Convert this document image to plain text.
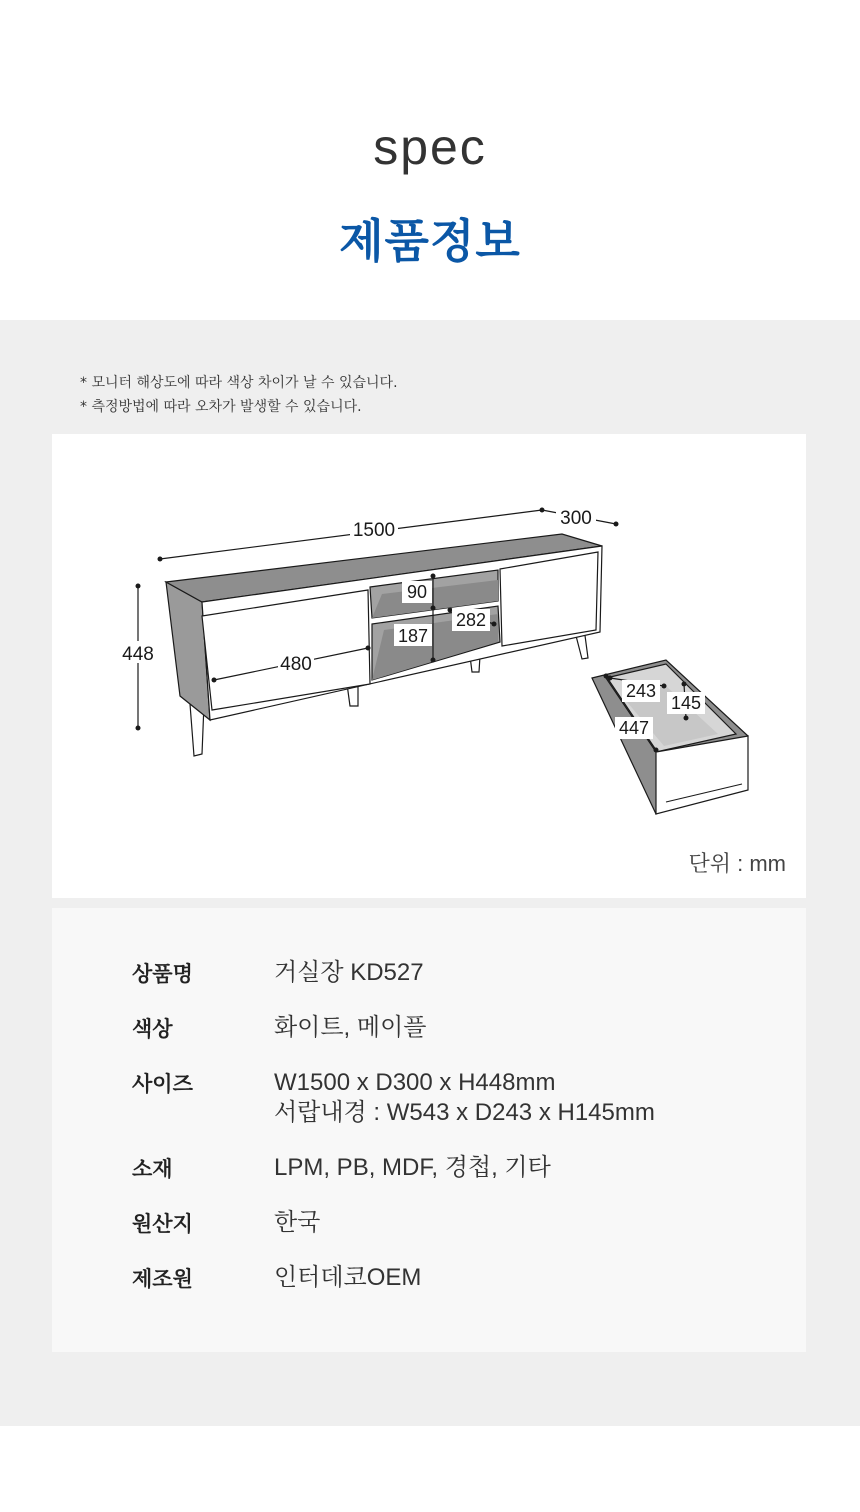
spec
제품정보
* 모니터 해상도에 따라 색상 차이가 날 수 있습니다.
* 측정방법에 따라 오차가 발생할 수 있습니다.
1500
300
448	480
90
187
282
243
145
447
단위 : mm
상품명	거실장 KD527
색상	화이트, 메이플
사이즈	W1500 x D300 x H448mm
서랍내경 : W543 x D243 x H145mm
소재	LPM, PB, MDF, 경첩, 기타
원산지	한국
제조원	인터데코OEM
